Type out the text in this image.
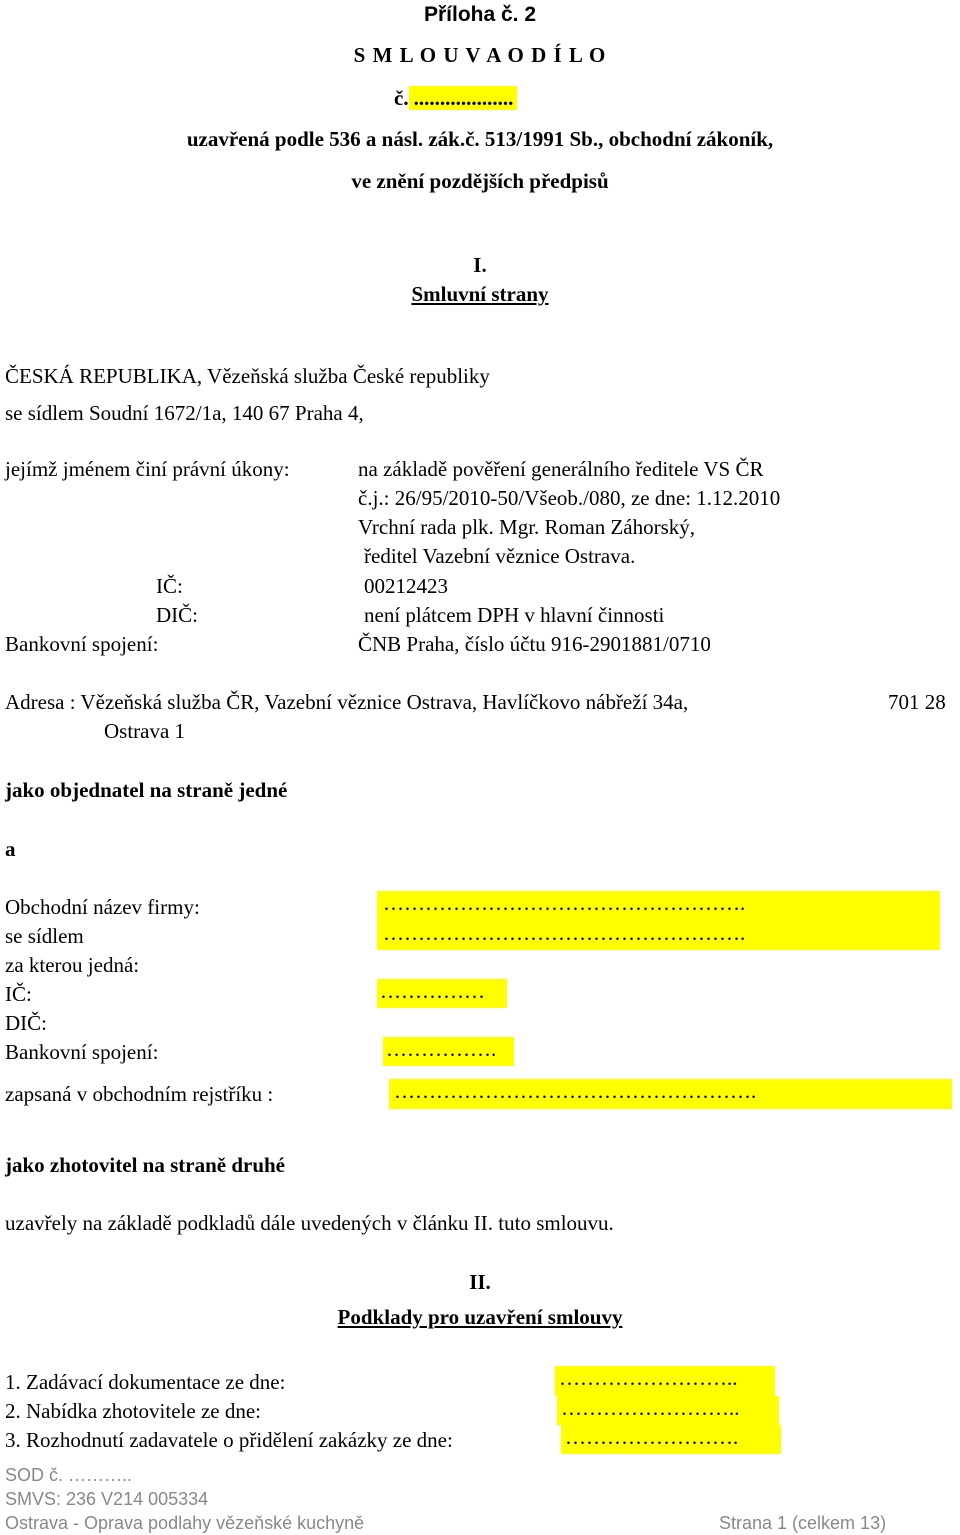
Příloha č. 2
S M L O U V A O D Í L O
č. ...................
uzavřená podle 536 a násl. zák.č. 513/1991 Sb., obchodní zákoník,
ve znění pozdějších předpisů
I.
Smluvní strany
ČESKÁ REPUBLIKA, Vězeňská služba České republiky
se sídlem Soudní 1672/1a, 140 67 Praha 4,
jejímž jménem činí právní úkony:	na základě pověření generálního ředitele VS ČR
č.j.: 26/95/2010-50/Všeob./080, ze dne: 1.12.2010
Vrchní rada plk. Mgr. Roman Záhorský,
ředitel Vazební věznice Ostrava.
IČ:	00212423
DIČ:	není plátcem DPH v hlavní činnosti
Bankovní spojení:	ČNB Praha, číslo účtu 916-2901881/0710
Adresa : Vězeňská služba ČR, Vazební věznice Ostrava, Havlíčkovo nábřeží 34a,	701 28
Ostrava 1
jako objednatel na straně jedné
a
Obchodní název firmy:	…………………………………………….
se sídlem	…………………………………………….
za kterou jedná:
IČ:	……………
DIČ:
Bankovní spojení:	…………….
zapsaná v obchodním rejstříku :	…………………………………………….
jako zhotovitel na straně druhé
uzavřely na základě podkladů dále uvedených v článku II. tuto smlouvu.
II.
Podklady pro uzavření smlouvy
1. Zadávací dokumentace ze dne:	……………………..
2. Nabídka zhotovitele ze dne:	……………………..
3. Rozhodnutí zadavatele o přidělení zakázky ze dne:	…………………….
SOD č. ………..
SMVS: 236 V214 005334
Ostrava - Oprava podlahy vězeňské kuchyně	Strana 1 (celkem 13)
